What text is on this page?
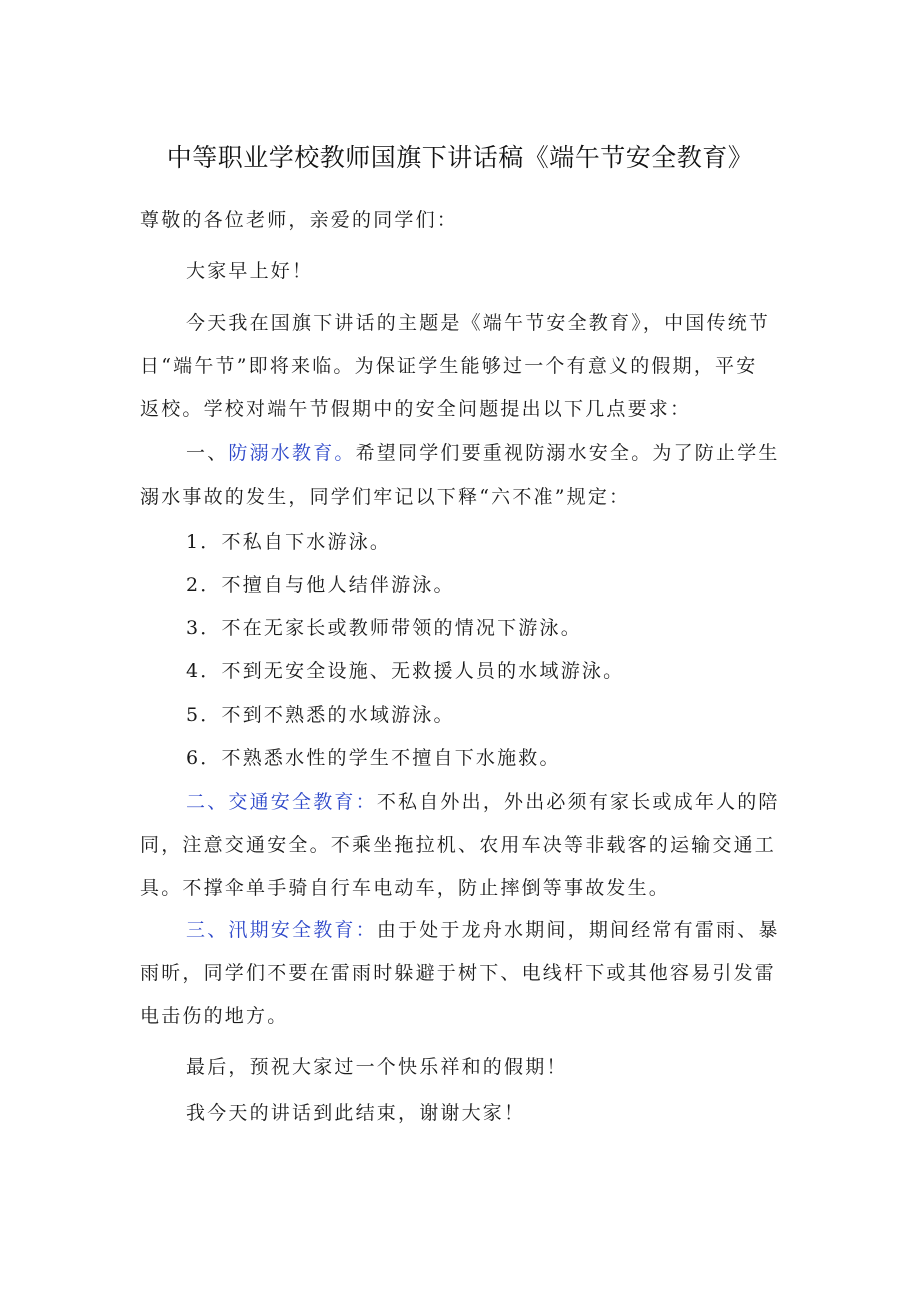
中等职业学校教师国旗下讲话稿《端午节安全教育》
尊敬的各位老师，亲爱的同学们：
大家早上好！
今天我在国旗下讲话的主题是《端午节安全教育》，中国传统节
日“端午节”即将来临。为保证学生能够过一个有意义的假期，平安
返校。学校对端午节假期中的安全问题提出以下几点要求：
一、防溺水教育。希望同学们要重视防溺水安全。为了防止学生
溺水事故的发生，同学们牢记以下释“六不准”规定：
1．不私自下水游泳。
2．不擅自与他人结伴游泳。
3．不在无家长或教师带领的情况下游泳。
4．不到无安全设施、无救援人员的水域游泳。
5．不到不熟悉的水域游泳。
6．不熟悉水性的学生不擅自下水施救。
二、交通安全教育：不私自外出，外出必须有家长或成年人的陪
同，注意交通安全。不乘坐拖拉机、农用车决等非载客的运输交通工
具。不撑伞单手骑自行车电动车，防止摔倒等事故发生。
三、汛期安全教育：由于处于龙舟水期间，期间经常有雷雨、暴
雨昕，同学们不要在雷雨时躲避于树下、电线杆下或其他容易引发雷
电击伤的地方。
最后，预祝大家过一个快乐祥和的假期！
我今天的讲话到此结束，谢谢大家！
